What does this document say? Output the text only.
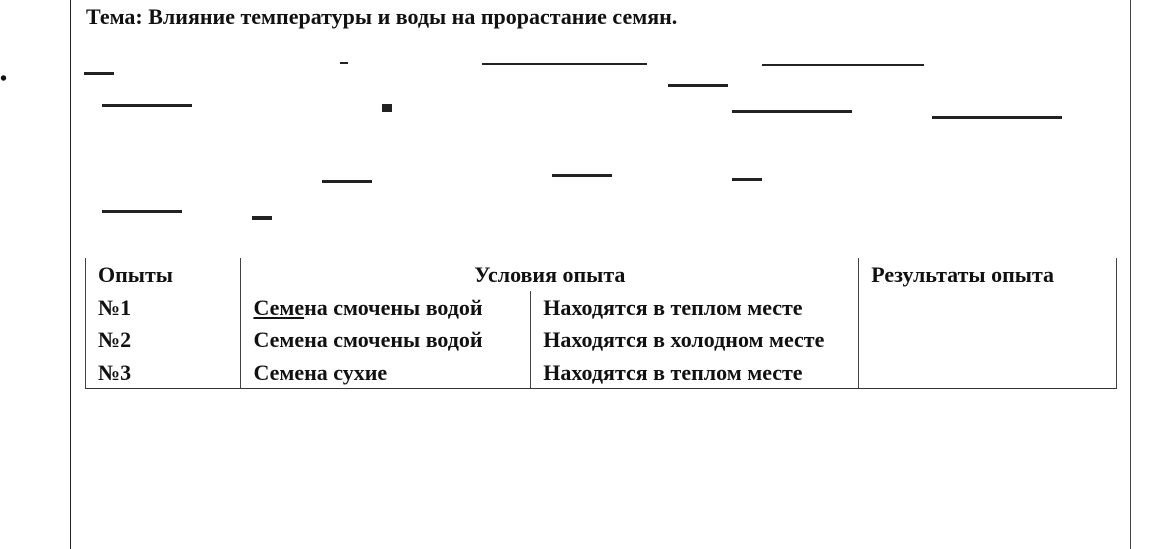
Тема: Влияние температуры и воды на прорастание семян.
•
Опыты	Условия опыта		Результаты опыта
№1	Семена смочены водой	Находятся в теплом месте	
№2	Семена смочены водой	Находятся в холодном месте	
№3	Семена сухие	Находятся в теплом месте	
